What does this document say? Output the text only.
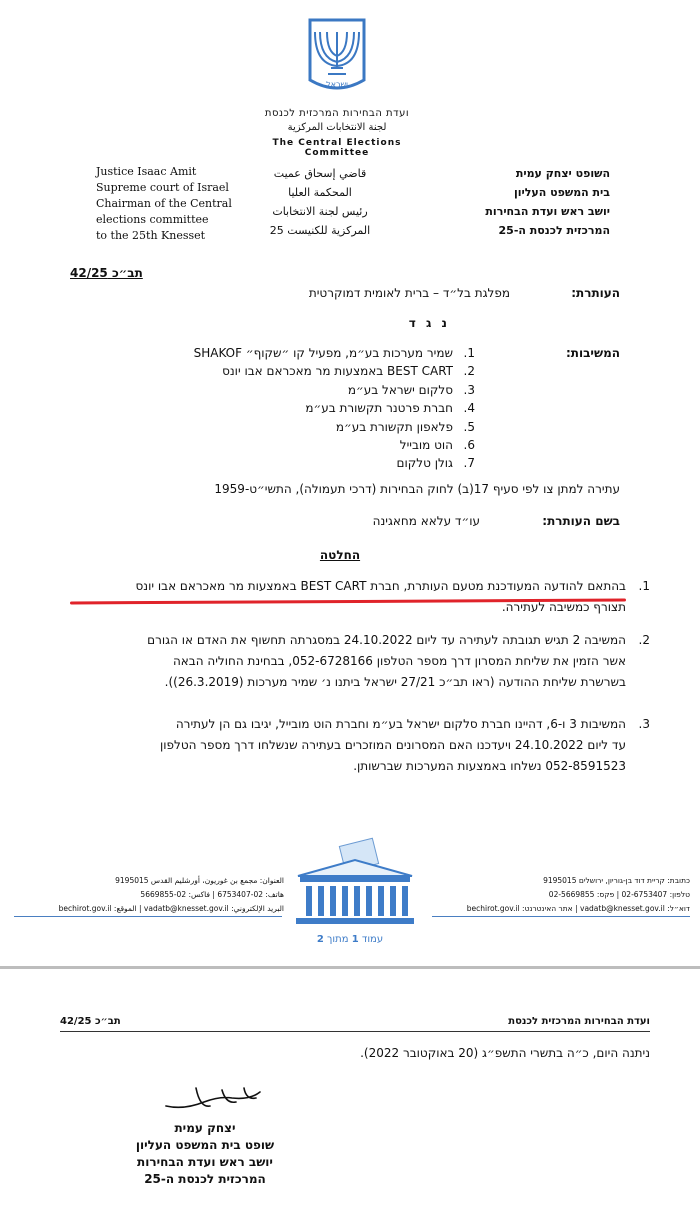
ישראל
ועדת הבחירות המרכזית לכנסת
لجنة الانتخابات المركزية
The Central Elections Committee
Justice Isaac Amit
Supreme court of Israel
Chairman of the Central
elections committee
to the 25th Knesset
قاضي إسحاق عميت
المحكمة العليا
رئيس لجنة الانتخابات
المركزية للكنيست 25
השופט יצחק עמית
בית המשפט העליון
יושב ראש ועדת הבחירות
המרכזית לכנסת ה-25
תב״כ 42/25
העותרת:
מפלגת בל״ד – ברית לאומית דמוקרטית
נ ג ד
המשיבות:
1.שמיר מערכות בע״מ, מפעיל קו ״שקוף״ SHAKOF
2.BEST CART באמצעות מר מאכראם אבו יונס
3.סלקום ישראל בע״מ
4.חברת פרטנר תקשורת בע״מ
5.פלאפון תקשורת בע״מ
6.הוט מובייל
7.גולן טלקום
עתירה למתן צו לפי סעיף 17(ב) לחוק הבחירות (דרכי תעמולה), התשי״ט-1959
בשם העותרת:
עו״ד עלאא מחאגינה
החלטה
1.
בהתאם להודעה המעודכנת מטעם העותרת, חברת BEST CART באמצעות מר מאכראם אבו יונס
תצורף כמשיבה לעתירה.
2.
המשיבה 2 תגיש תגובתה לעתירה עד ליום 24.10.2022 במסגרתה תחשוף את האדם או הגורם
אשר הזמין את שליחת המסרון דרך מספר הטלפון 052-6728166, בבחינת החוליה הבאה
בשרשרת שליחת ההודעה (ראו תב״כ 27/21 ישראל ביתנו נ׳ שמיר מערכות (26.3.2019)).
3.
המשיבות 3 ו-6, דהיינו חברת סלקום ישראל בע״מ וחברת הוט מובייל, יגיבו גם הן לעתירה
עד ליום 24.10.2022 ויעדכנו האם המסרונים המוזכרים בעתירה שנשלחו דרך מספר הטלפון
052-8591523 נשלחו באמצעות המערכות שברשותן.
العنوان: مجمع بن غوريون، أورشليم القدس 9195015
هاتف: 02-6753407 | فاكس: 02-5669855
البريد الإلكتروني: vadatb@knesset.gov.il | الموقع: bechirot.gov.il
כתובת: קריית דוד בן-גוריון, ירושלים 9195015
טלפון: 02-6753407 | פקס: 02-5669855
דוא״ל: vadatb@knesset.gov.il | אתר האינטרנט: bechirot.gov.il
עמוד 1 מתוך 2
ועדת הבחירות המרכזית לכנסת
תב״כ 42/25
ניתנה היום, כ״ה בתשרי התשפ״ג (20 באוקטובר 2022).
יצחק עמית
שופט בית המשפט העליון
יושב ראש ועדת הבחירות
המרכזית לכנסת ה-25
